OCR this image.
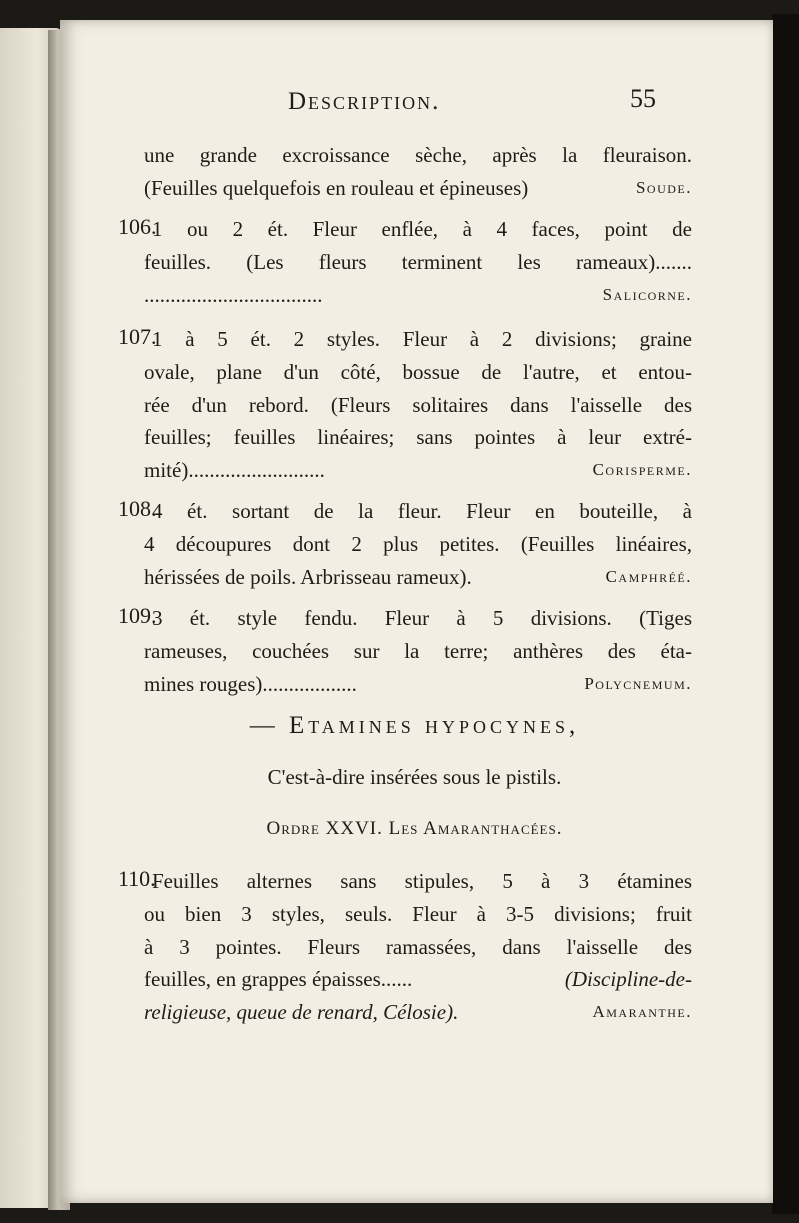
Description.	55
une grande excroissance sèche, après la fleuraison.
(Feuilles quelquefois en rouleau et épineuses)	Soude.
106.
1 ou 2 ét. Fleur enflée, à 4 faces, point de
feuilles. (Les fleurs terminent les rameaux).......
..................................	Salicorne.
107.
1 à 5 ét. 2 styles. Fleur à 2 divisions; graine
ovale, plane d'un côté, bossue de l'autre, et entou-
rée d'un rebord. (Fleurs solitaires dans l'aisselle des
feuilles; feuilles linéaires; sans pointes à leur extré-
mité)..........................	Corisperme.
108.
4 ét. sortant de la fleur. Fleur en bouteille, à
4 découpures dont 2 plus petites. (Feuilles linéaires,
hérissées de poils. Arbrisseau rameux).	Camphréé.
109.
3 ét. style fendu. Fleur à 5 divisions. (Tiges
rameuses, couchées sur la terre; anthères des éta-
mines rouges)..................	Polycnemum.
— Etamines hypocynes,
C'est-à-dire insérées sous le pistils.
Ordre XXVI. Les Amaranthacées.
110.
Feuilles alternes sans stipules, 5 à 3 étamines
ou bien 3 styles, seuls. Fleur à 3-5 divisions; fruit
à 3 pointes. Fleurs ramassées, dans l'aisselle des
feuilles, en grappes épaisses......	(Discipline-de-
religieuse, queue de renard, Célosie).	Amaranthe.
